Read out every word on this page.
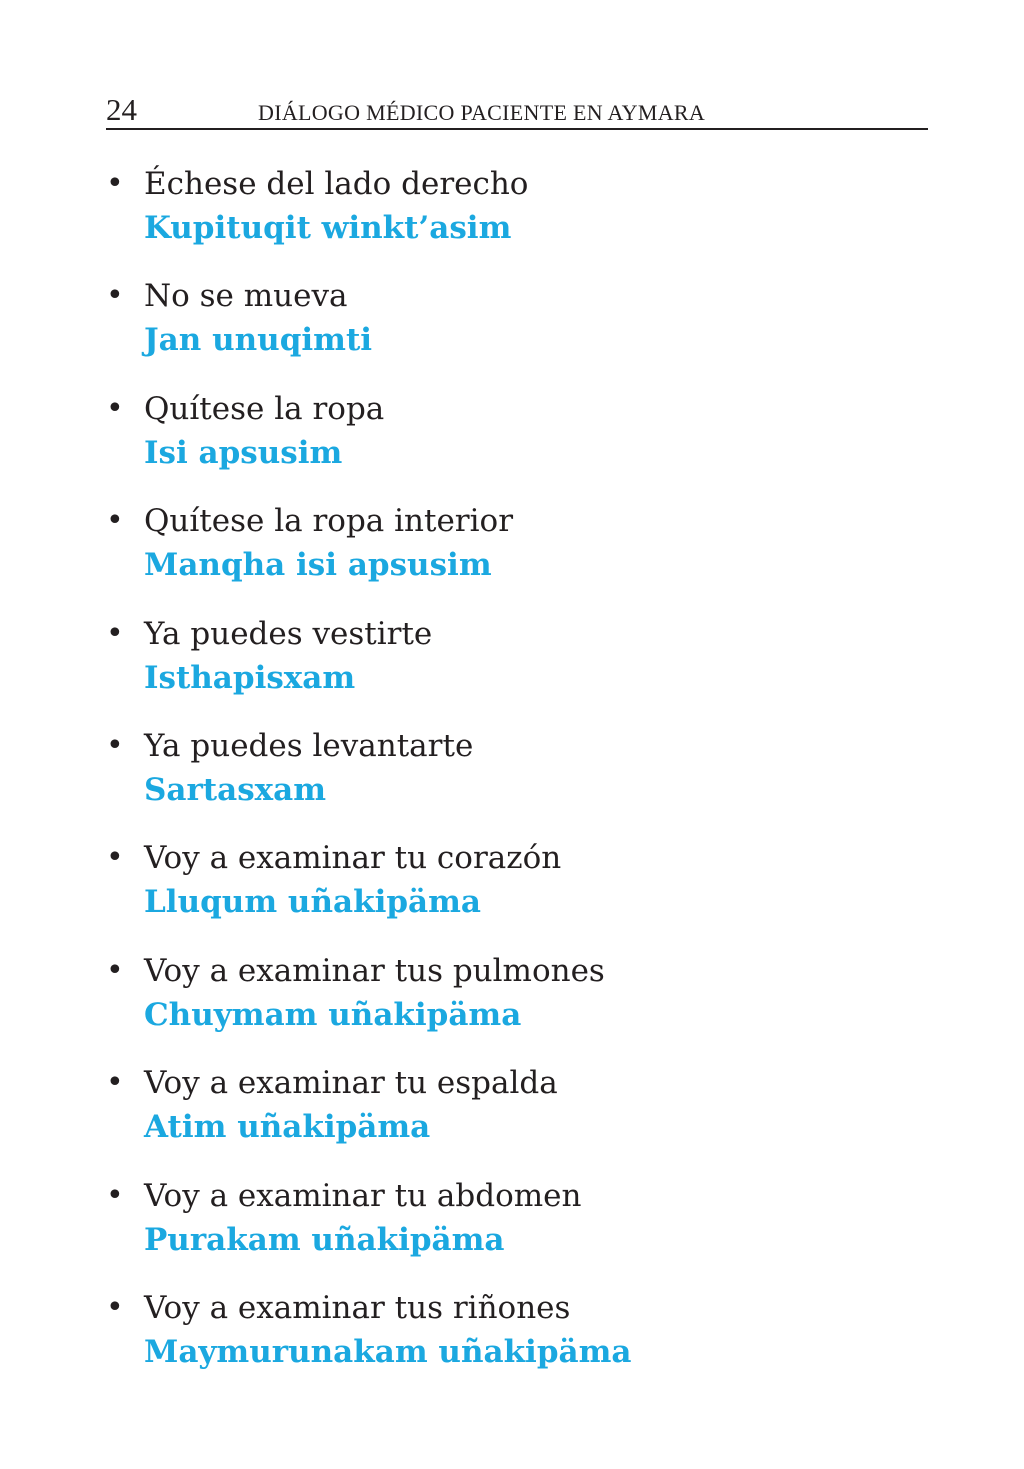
24	DIÁLOGO MÉDICO PACIENTE EN AYMARA
• Échese del lado derecho
Kupituqit winkt’asim
• No se mueva
Jan unuqimti
• Quítese la ropa
Isi apsusim
• Quítese la ropa interior
Manqha isi apsusim
• Ya puedes vestirte
Isthapisxam
• Ya puedes levantarte
Sartasxam
• Voy a examinar tu corazón
Lluqum uñakipäma
• Voy a examinar tus pulmones
Chuymam uñakipäma
• Voy a examinar tu espalda
Atim uñakipäma
• Voy a examinar tu abdomen
Purakam uñakipäma
• Voy a examinar tus riñones
Maymurunakam uñakipäma
